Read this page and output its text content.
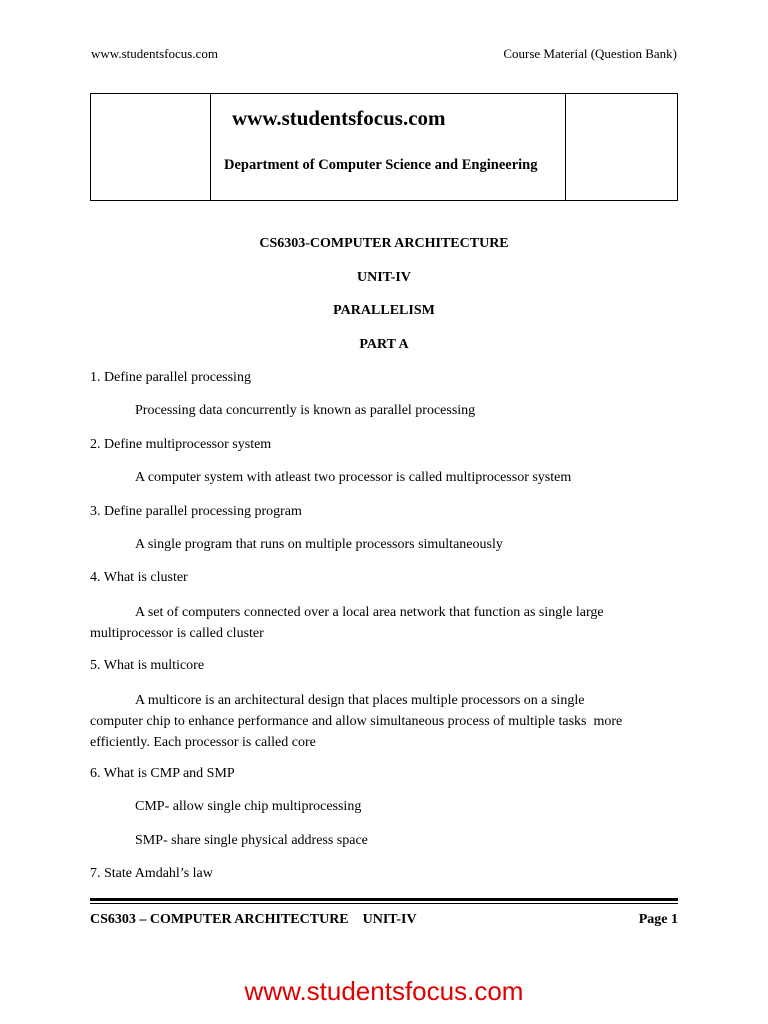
www.studentsfocus.com	Course Material (Question Bank)
www.studentsfocus.com
Department of Computer Science and Engineering
CS6303-COMPUTER ARCHITECTURE
UNIT-IV
PARALLELISM
PART A
1. Define parallel processing
Processing data concurrently is known as parallel processing
2. Define multiprocessor system
A computer system with atleast two processor is called multiprocessor system
3. Define parallel processing program
A single program that runs on multiple processors simultaneously
4. What is cluster
A set of computers connected over a local area network that function as single large
multiprocessor is called cluster
5. What is multicore
A multicore is an architectural design that places multiple processors on a single
computer chip to enhance performance and allow simultaneous process of multiple tasks  more
efficiently. Each processor is called core
6. What is CMP and SMP
CMP- allow single chip multiprocessing
SMP- share single physical address space
7. State Amdahl’s law
CS6303 – COMPUTER ARCHITECTURE    UNIT-IV	Page 1
www.studentsfocus.com
